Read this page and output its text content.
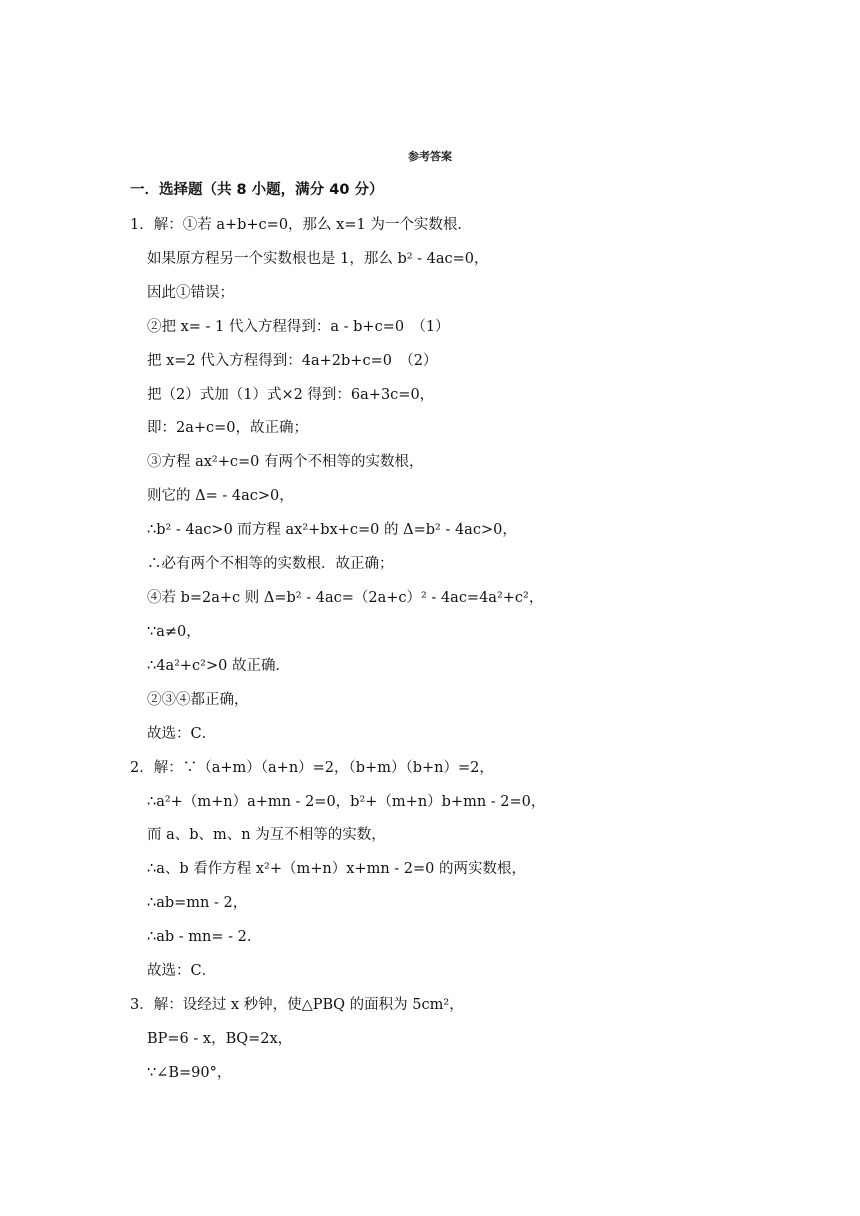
参考答案
一．选择题（共 8 小题，满分 40 分）
1．解：①若 a+b+c=0，那么 x=1 为一个实数根．
如果原方程另一个实数根也是 1，那么 b² - 4ac=0，
因此①错误；
②把 x= - 1 代入方程得到：a - b+c=0　（1）
把 x=2 代入方程得到：4a+2b+c=0　（2）
把（2）式加（1）式×2 得到：6a+3c=0，
即：2a+c=0，故正确；
③方程 ax²+c=0 有两个不相等的实数根，
则它的 Δ= - 4ac>0，
∴b² - 4ac>0 而方程 ax²+bx+c=0 的 Δ=b² - 4ac>0，
∴必有两个不相等的实数根．故正确；
④若 b=2a+c 则 Δ=b² - 4ac=（2a+c）² - 4ac=4a²+c²，
∵a≠0，
∴4a²+c²>0 故正确．
②③④都正确，
故选：C．
2．解：∵（a+m）（a+n）=2，（b+m）（b+n）=2，
∴a²+（m+n）a+mn - 2=0，b²+（m+n）b+mn - 2=0，
而 a、b、m、n 为互不相等的实数，
∴a、b 看作方程 x²+（m+n）x+mn - 2=0 的两实数根，
∴ab=mn - 2，
∴ab - mn= - 2．
故选：C．
3．解：设经过 x 秒钟，使△PBQ 的面积为 5cm²，
BP=6 - x，BQ=2x，
∵∠B=90°，
